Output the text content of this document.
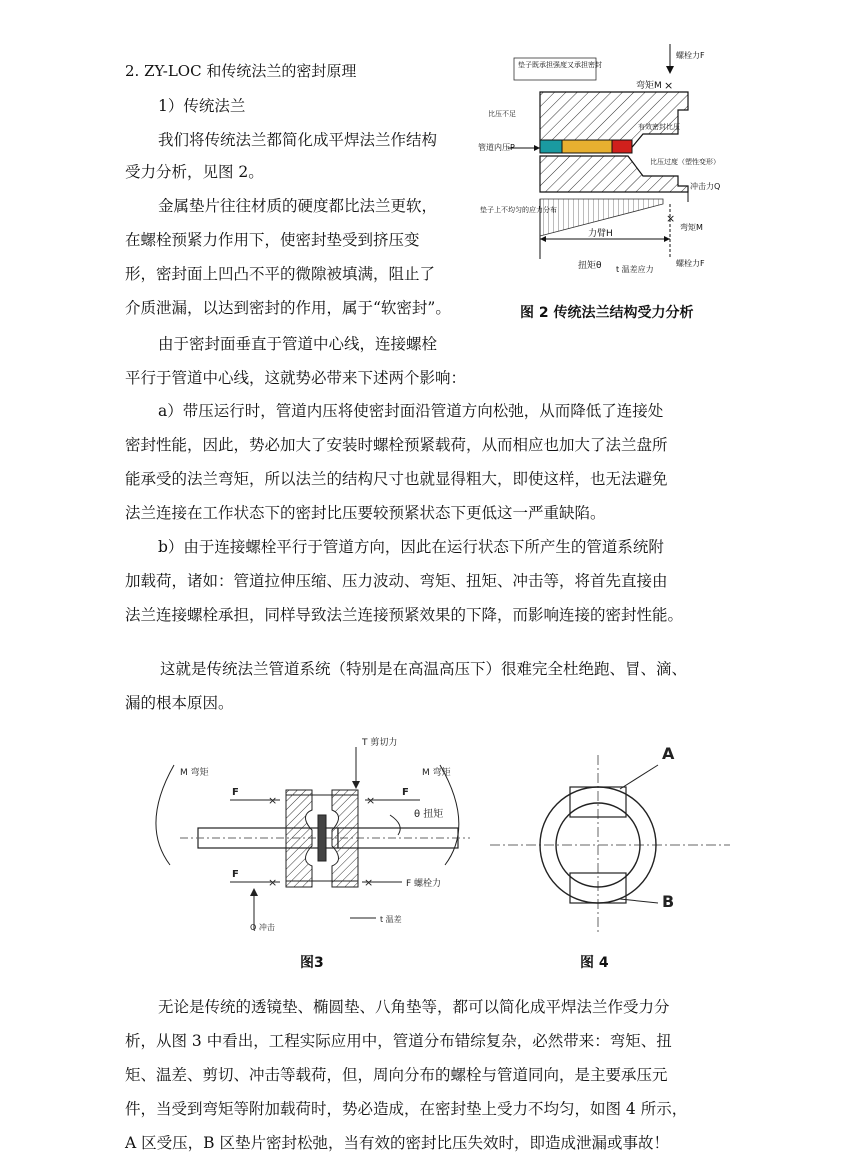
2. ZY-LOC 和传统法兰的密封原理
1）传统法兰
我们将传统法兰都简化成平焊法兰作结构
受力分析，见图 2。
金属垫片往往材质的硬度都比法兰更软，
在螺栓预紧力作用下，使密封垫受到挤压变
形，密封面上凹凸不平的微隙被填满，阻止了
介质泄漏，以达到密封的作用，属于“软密封”。
由于密封面垂直于管道中心线，连接螺栓
平行于管道中心线，这就势必带来下述两个影响：
螺栓力F
弯矩M ×
垫子既承担强度又承担密封
比压不足
有效密封比压
管道内压P
比压过度（塑性变形）
冲击力Q
垫子上不均匀的应力分布
力臂H
×
弯矩M
扭矩θ t 温差应力
螺栓力F
图 2 传统法兰结构受力分析
a）带压运行时，管道内压将使密封面沿管道方向松弛，从而降低了连接处
密封性能，因此，势必加大了安装时螺栓预紧载荷，从而相应也加大了法兰盘所
能承受的法兰弯矩，所以法兰的结构尺寸也就显得粗大，即使这样，也无法避免
法兰连接在工作状态下的密封比压要较预紧状态下更低这一严重缺陷。
b）由于连接螺栓平行于管道方向，因此在运行状态下所产生的管道系统附
加载荷，诸如：管道拉伸压缩、压力波动、弯矩、扭矩、冲击等，将首先直接由
法兰连接螺栓承担，同样导致法兰连接预紧效果的下降，而影响连接的密封性能。
这就是传统法兰管道系统（特别是在高温高压下）很难完全杜绝跑、冒、滴、
漏的根本原因。
×	×
×	×
T 剪切力
M 弯矩	M 弯矩
F	F
F
θ 扭矩
F 螺栓力
Q 冲击
t 温差
图3
A
B
图 4
无论是传统的透镜垫、椭圆垫、八角垫等，都可以简化成平焊法兰作受力分
析，从图 3 中看出，工程实际应用中，管道分布错综复杂，必然带来：弯矩、扭
矩、温差、剪切、冲击等载荷，但，周向分布的螺栓与管道同向，是主要承压元
件，当受到弯矩等附加载荷时，势必造成，在密封垫上受力不均匀，如图 4 所示，
A 区受压，B 区垫片密封松弛，当有效的密封比压失效时，即造成泄漏或事故！
